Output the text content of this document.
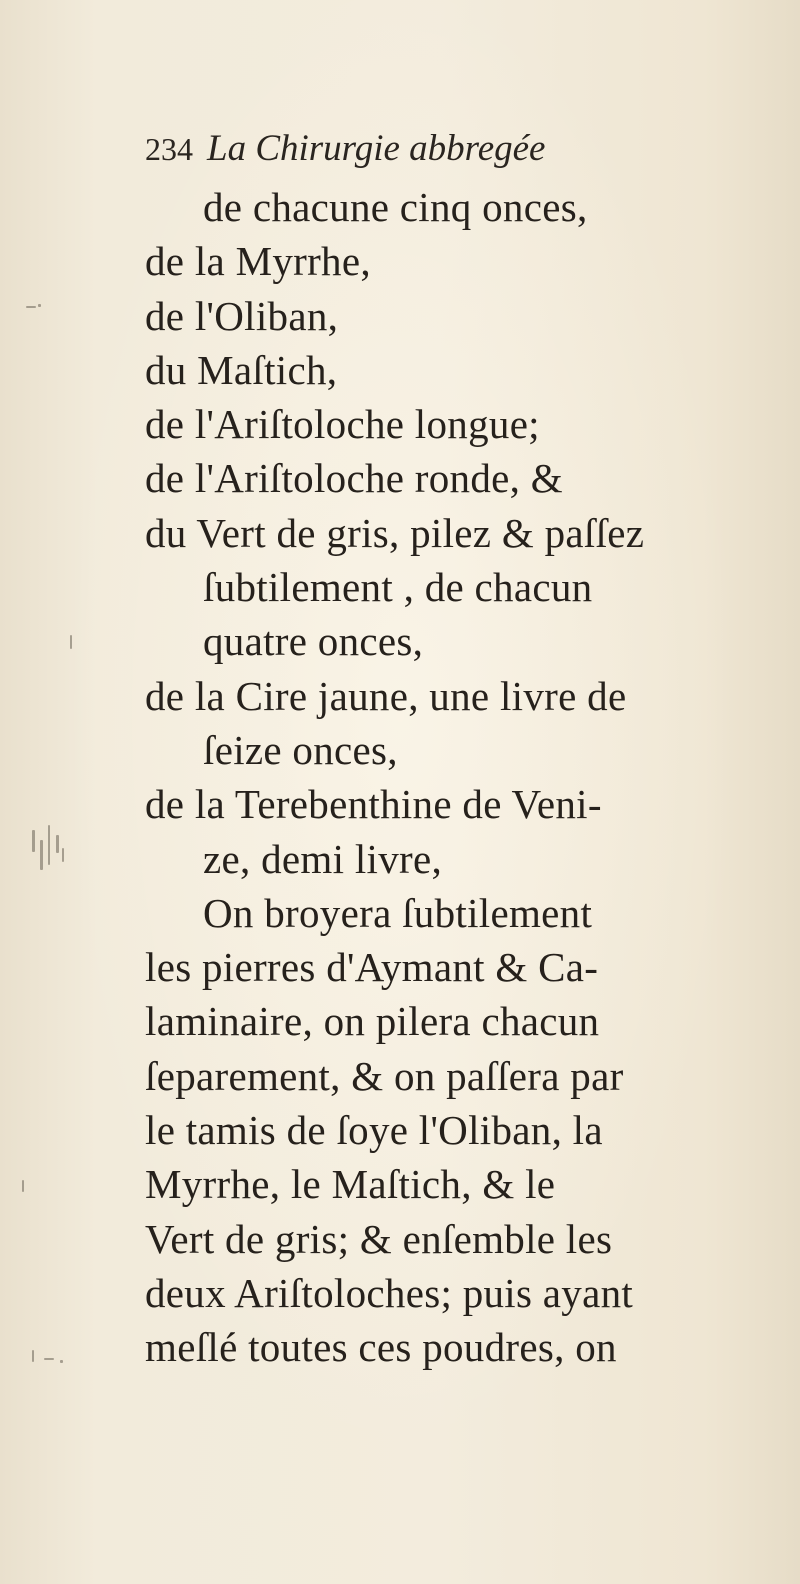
234 La Chirurgie abbregée
de chacune cinq onces,
de la Myrrhe,
de l'Oliban,
du Maſtich,
de l'Ariſtoloche longue;
de l'Ariſtoloche ronde, &
du Vert de gris, pilez & paſſez
ſubtilement , de chacun
quatre onces,
de la Cire jaune, une livre de
ſeize onces,
de la Terebenthine de Veni-
ze, demi livre,
On broyera ſubtilement
les pierres d'Aymant & Ca-
laminaire, on pilera chacun
ſeparement, & on paſſera par
le tamis de ſoye l'Oliban, la
Myrrhe, le Maſtich, & le
Vert de gris; & enſemble les
deux Ariſtoloches; puis ayant
meſlé toutes ces poudres, on
